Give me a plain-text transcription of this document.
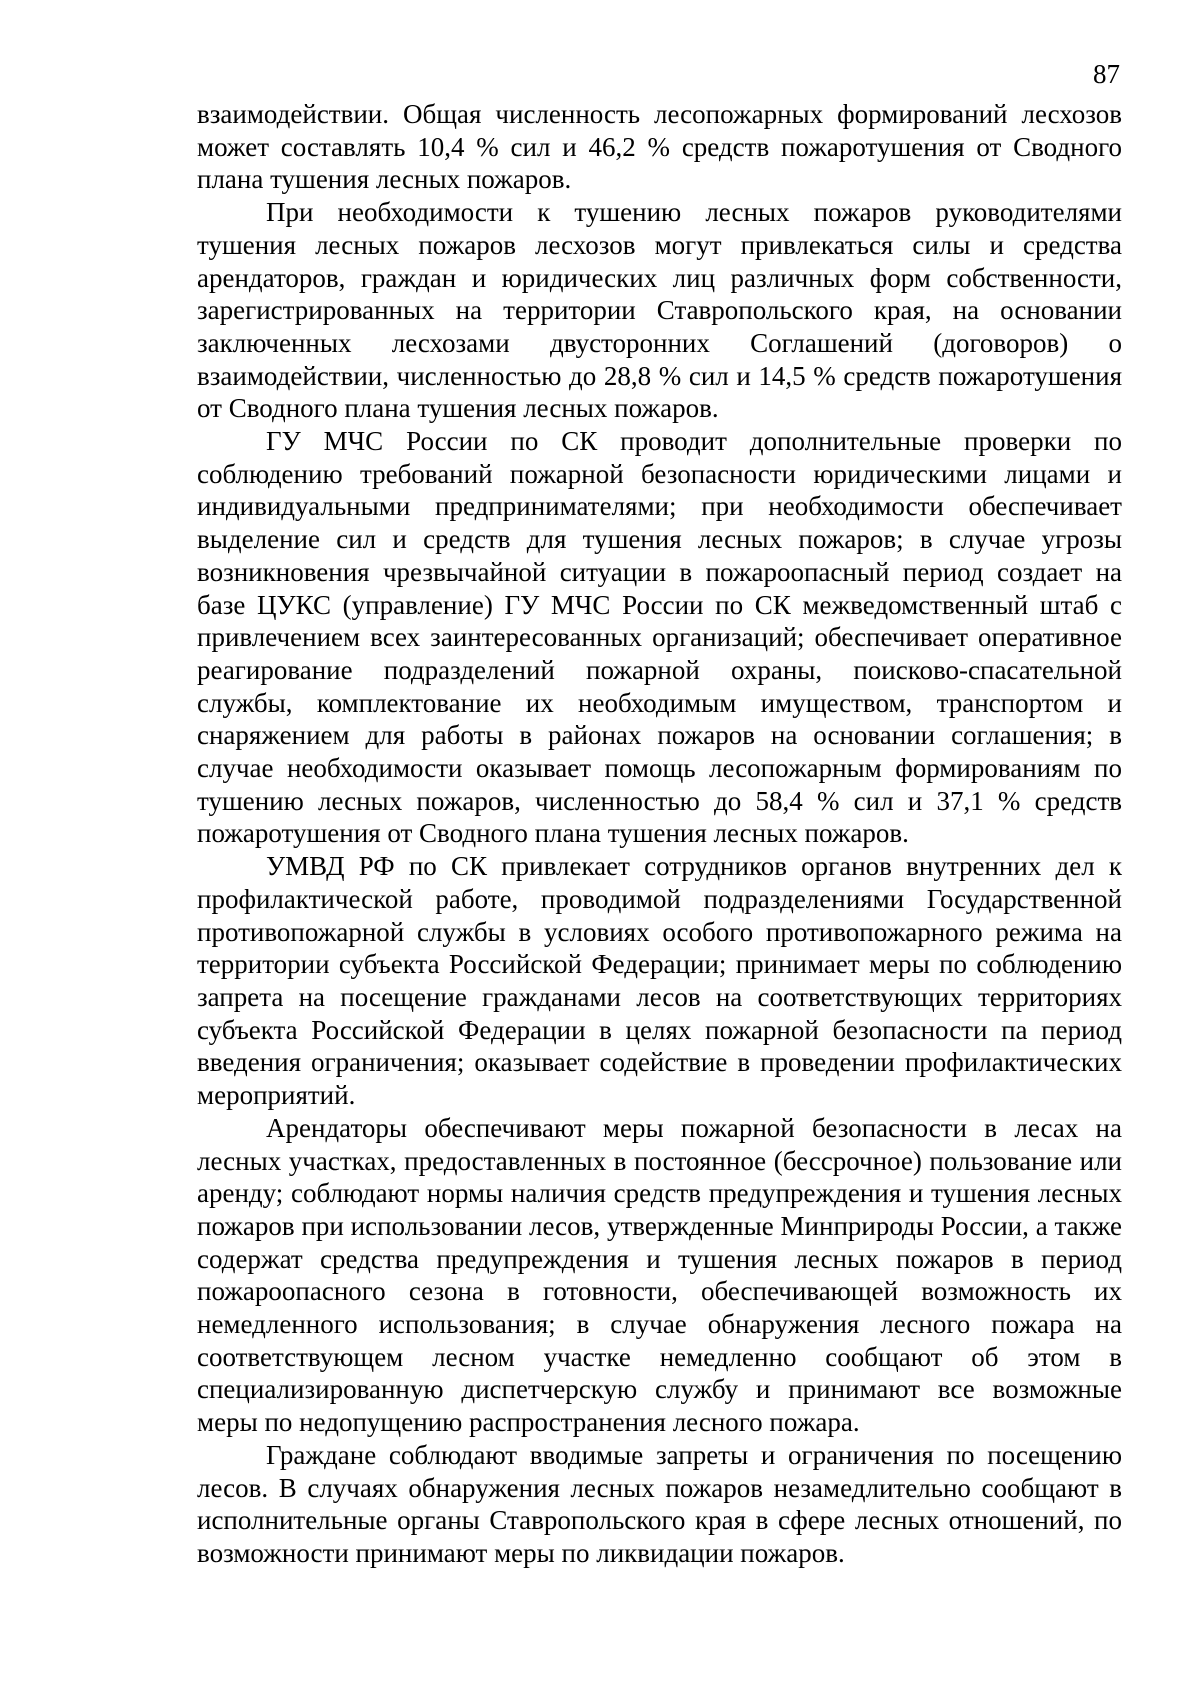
87

взаимодействии. Общая численность лесопожарных формирований лесхозов может составлять 10,4 % сил и 46,2 % средств пожаротушения от Сводного плана тушения лесных пожаров.

При необходимости к тушению лесных пожаров руководителями тушения лесных пожаров лесхозов могут привлекаться силы и средства арендаторов, граждан и юридических лиц различных форм собственности, зарегистрированных на территории Ставропольского края, на основании заключенных лесхозами двусторонних Соглашений (договоров) о взаимодействии, численностью до 28,8 % сил и 14,5 % средств пожаротушения от Сводного плана тушения лесных пожаров.

ГУ МЧС России по СК проводит дополнительные проверки по соблюдению требований пожарной безопасности юридическими лицами и индивидуальными предпринимателями; при необходимости обеспечивает выделение сил и средств для тушения лесных пожаров; в случае угрозы возникновения чрезвычайной ситуации в пожароопасный период создает на базе ЦУКС (управление) ГУ МЧС России по СК межведомственный штаб с привлечением всех заинтересованных организаций; обеспечивает оперативное реагирование подразделений пожарной охраны, поисково-спасательной службы, комплектование их необходимым имуществом, транспортом и снаряжением для работы в районах пожаров на основании соглашения; в случае необходимости оказывает помощь лесопожарным формированиям по тушению лесных пожаров, численностью до 58,4 % сил и 37,1 % средств пожаротушения от Сводного плана тушения лесных пожаров.

УМВД РФ по СК привлекает сотрудников органов внутренних дел к профилактической работе, проводимой подразделениями Государственной противопожарной службы в условиях особого противопожарного режима на территории субъекта Российской Федерации; принимает меры по соблюдению запрета на посещение гражданами лесов на соответствующих территориях субъекта Российской Федерации в целях пожарной безопасности па период введения ограничения; оказывает содействие в проведении профилактических мероприятий.

Арендаторы обеспечивают меры пожарной безопасности в лесах на лесных участках, предоставленных в постоянное (бессрочное) пользование или аренду; соблюдают нормы наличия средств предупреждения и тушения лесных пожаров при использовании лесов, утвержденные Минприроды России, а также содержат средства предупреждения и тушения лесных пожаров в период пожароопасного сезона в готовности, обеспечивающей возможность их немедленного использования; в случае обнаружения лесного пожара на соответствующем лесном участке немедленно сообщают об этом в специализированную диспетчерскую службу и принимают все возможные меры по недопущению распространения лесного пожара.

Граждане соблюдают вводимые запреты и ограничения по посещению лесов. В случаях обнаружения лесных пожаров незамедлительно сообщают в исполнительные органы Ставропольского края в сфере лесных отношений, по возможности принимают меры по ликвидации пожаров.
